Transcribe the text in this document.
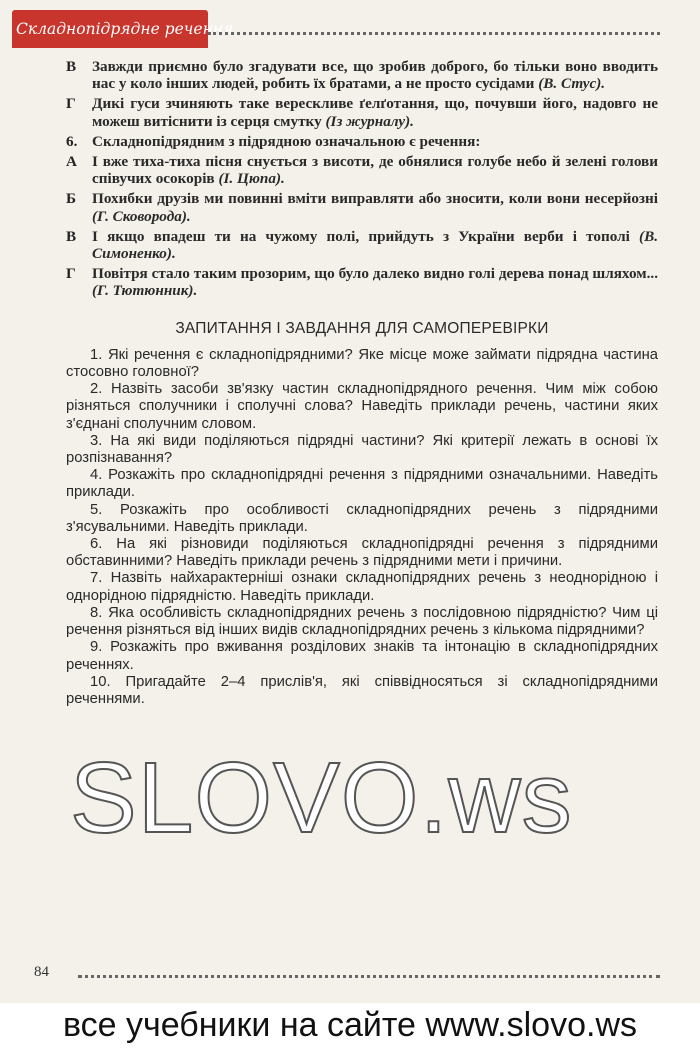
Складнопідрядне речення
В	Завжди приємно було згадувати все, що зробив доброго, бо тільки воно вводить нас у коло інших людей, робить їх братами, а не просто сусідами (В. Стус).
Г	Дикі гуси зчиняють таке верескливе ґелґотання, що, почувши його, надовго не можеш витіснити із серця смутку (Із журналу).
6. Складнопідрядним з підрядною означальною є речення:
А І вже тиха-тиха пісня снується з висоти, де обнялися голубе небо й зелені голови співучих осокорів (І. Цюпа).
Б	Похибки друзів ми повинні вміти виправляти або зносити, коли вони несерйозні (Г. Сковорода).
В	І якщо впадеш ти на чужому полі, прийдуть з України верби і тополі (В. Симоненко).
Г	Повітря стало таким прозорим, що було далеко видно голі дерева понад шляхом... (Г. Тютюнник).
ЗАПИТАННЯ І ЗАВДАННЯ ДЛЯ САМОПЕРЕВІРКИ

1. Які речення є складнопідрядними? Яке місце може займати підрядна частина стосовно головної?

2. Назвіть засоби зв'язку частин складнопідрядного речення. Чим між собою різняться сполучники і сполучні слова? Наведіть приклади речень, частини яких з'єднані сполучним словом.

3. На які види поділяються підрядні частини? Які критерії лежать в основі їх розпізнавання?

4. Розкажіть про складнопідрядні речення з підрядними означальними. Наведіть приклади.

5. Розкажіть про особливості складнопідрядних речень з підрядними з'ясувальними. Наведіть приклади.

6. На які різновиди поділяються складнопідрядні речення з підрядними обставинними? Наведіть приклади речень з підрядними мети і причини.

7. Назвіть найхарактерніші ознаки складнопідрядних речень з неоднорідною і однорідною підрядністю. Наведіть приклади.

8. Яка особливість складнопідрядних речень з послідовною підрядністю? Чим ці речення різняться від інших видів складнопідрядних речень з кількома підрядними?

9. Розкажіть про вживання розділових знаків та інтонацію в складнопідрядних реченнях.

10. Пригадайте 2–4 прислів'я, які співвідносяться зі складнопідрядними реченнями.

SLOVO.ws
84
все учебники на сайте www.slovo.ws
